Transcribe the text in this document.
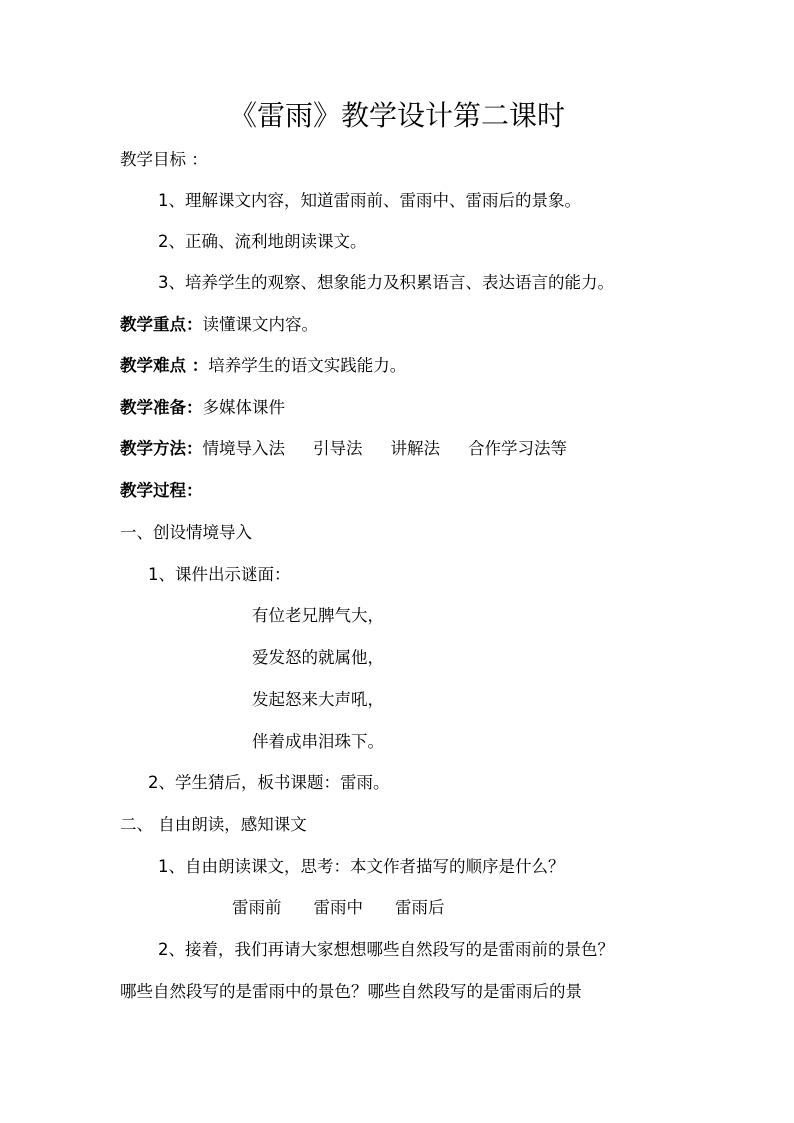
《雷雨》教学设计第二课时
教学目标 ：
1、理解课文内容，知道雷雨前、雷雨中、雷雨后的景象。
2、正确、流利地朗读课文。
3、培养学生的观察、想象能力及积累语言、表达语言的能力。
教学重点：读懂课文内容。
教学难点 ：培养学生的语文实践能力。
教学准备：多媒体课件
教学方法：情境导入法 引导法 讲解法 合作学习法等
教学过程：
一、创设情境导入
1、课件出示谜面：
有位老兄脾气大，
爱发怒的就属他，
发起怒来大声吼，
伴着成串泪珠下。
2、学生猜后，板书课题：雷雨。
二、 自由朗读，感知课文
1、自由朗读课文，思考：本文作者描写的顺序是什么？
雷雨前 雷雨中 雷雨后
2、接着，我们再请大家想想哪些自然段写的是雷雨前的景色？
哪些自然段写的是雷雨中的景色？哪些自然段写的是雷雨后的景
